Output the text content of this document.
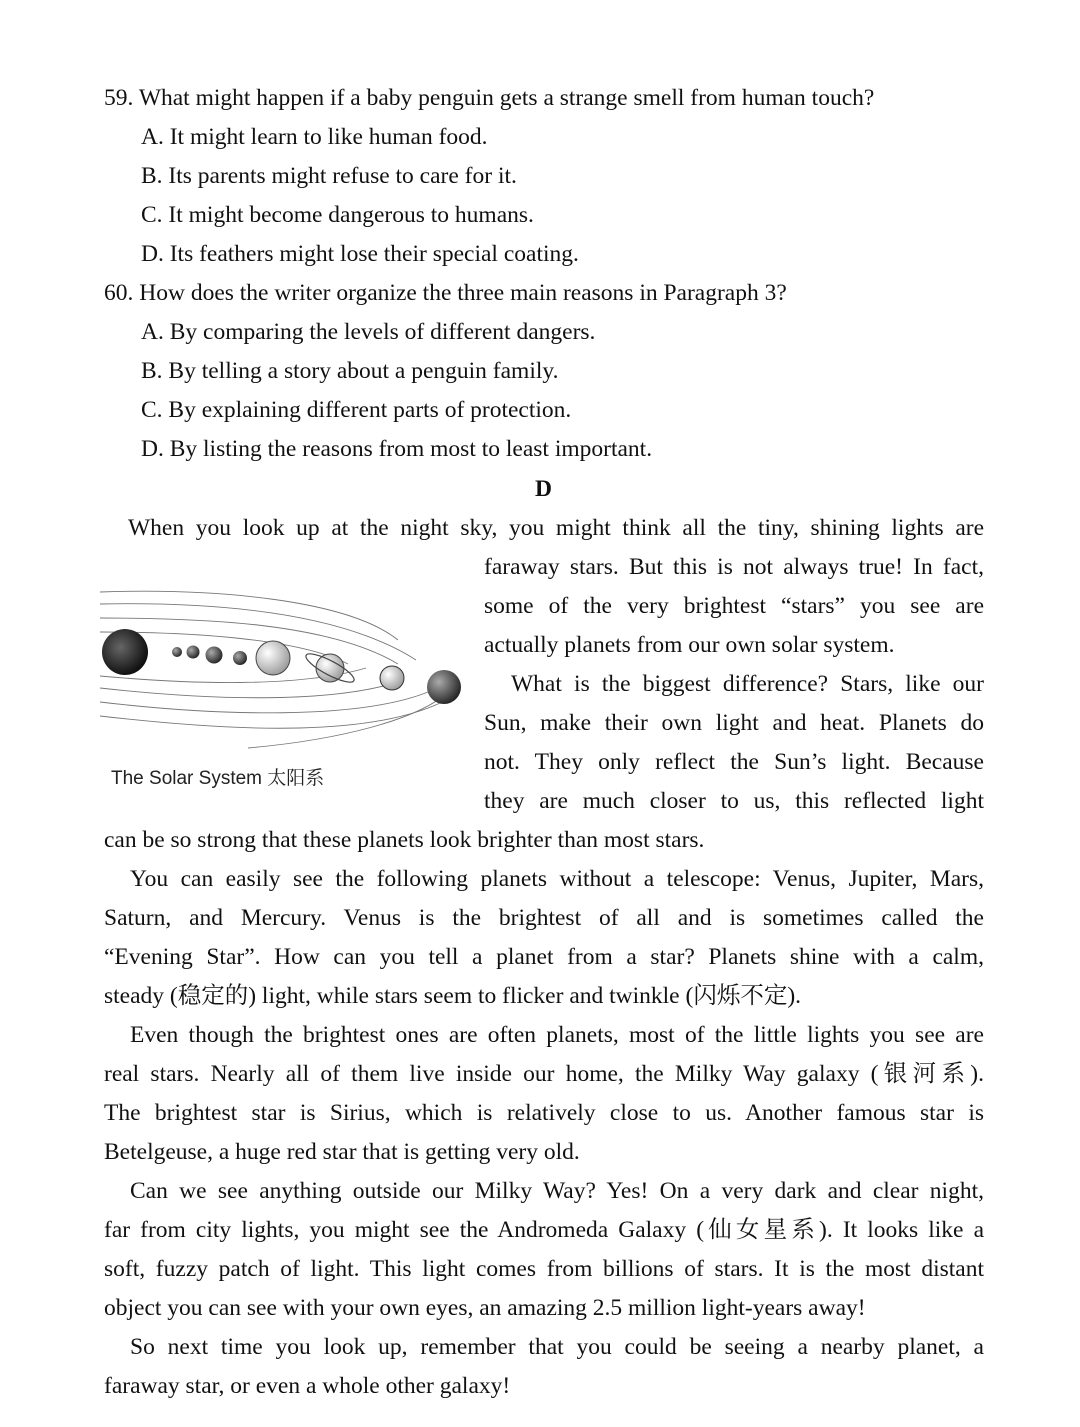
59. What might happen if a baby penguin gets a strange smell from human touch?
A. It might learn to like human food.
B. Its parents might refuse to care for it.
C. It might become dangerous to humans.
D. Its feathers might lose their special coating.
60. How does the writer organize the three main reasons in Paragraph 3?
A. By comparing the levels of different dangers.
B. By telling a story about a penguin family.
C. By explaining different parts of protection.
D. By listing the reasons from most to least important.
D
When you look up at the night sky, you might think all the tiny, shining lights are
faraway stars. But this is not always true! In fact,
some of the very brightest “stars” you see are
actually planets from our own solar system.
What is the biggest difference? Stars, like our
Sun, make their own light and heat. Planets do
not. They only reflect the Sun’s light. Because
they are much closer to us, this reflected light
can be so strong that these planets look brighter than most stars.
You can easily see the following planets without a telescope: Venus, Jupiter, Mars,
Saturn, and Mercury. Venus is the brightest of all and is sometimes called the
“Evening Star”. How can you tell a planet from a star? Planets shine with a calm,
steady (稳定的) light, while stars seem to flicker and twinkle (闪烁不定).
Even though the brightest ones are often planets, most of the little lights you see are
real stars. Nearly all of them live inside our home, the Milky Way galaxy (银河系).
The brightest star is Sirius, which is relatively close to us. Another famous star is
Betelgeuse, a huge red star that is getting very old.
Can we see anything outside our Milky Way? Yes! On a very dark and clear night,
far from city lights, you might see the Andromeda Galaxy (仙女星系). It looks like a
soft, fuzzy patch of light. This light comes from billions of stars. It is the most distant
object you can see with your own eyes, an amazing 2.5 million light-years away!
So next time you look up, remember that you could be seeing a nearby planet, a
faraway star, or even a whole other galaxy!
The Solar System 太阳系
